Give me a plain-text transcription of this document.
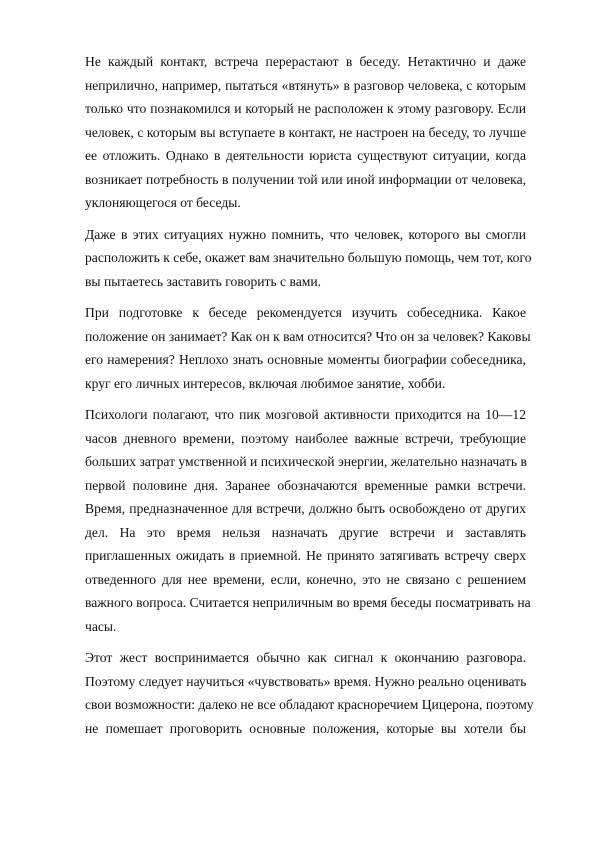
Не каждый контакт, встреча перерастают в беседу. Нетактично и даже
неприлично, например, пытаться «втянуть» в разговор человека, с которым
только что познакомился и который не расположен к этому разговору. Если
человек, с которым вы вступаете в контакт, не настроен на беседу, то лучше
ее отложить. Однако в деятельности юриста существуют ситуации, когда
возникает потребность в получении той или иной информации от человека,
уклоняющегося от беседы.
Даже в этих ситуациях нужно помнить, что человек, которого вы смогли
расположить к себе, окажет вам значительно большую помощь, чем тот, кого
вы пытаетесь заставить говорить с вами.
При подготовке к беседе рекомендуется изучить собеседника. Какое
положение он занимает? Как он к вам относится? Что он за человек? Каковы
его намерения? Неплохо знать основные моменты биографии собеседника,
круг его личных интересов, включая любимое занятие, хобби.
Психологи полагают, что пик мозговой активности приходится на 10—12
часов дневного времени, поэтому наиболее важные встречи, требующие
больших затрат умственной и психической энергии, желательно назначать в
первой половине дня. Заранее обозначаются временные рамки встречи.
Время, предназначенное для встречи, должно быть освобождено от других
дел. На это время нельзя назначать другие встречи и заставлять
приглашенных ожидать в приемной. Не принято затягивать встречу сверх
отведенного для нее времени, если, конечно, это не связано с решением
важного вопроса. Считается неприличным во время беседы посматривать на
часы.
Этот жест воспринимается обычно как сигнал к окончанию разговора.
Поэтому следует научиться «чувствовать» время. Нужно реально оценивать
свои возможности: далеко не все обладают красноречием Цицерона, поэтому
не помешает проговорить основные положения, которые вы хотели бы
